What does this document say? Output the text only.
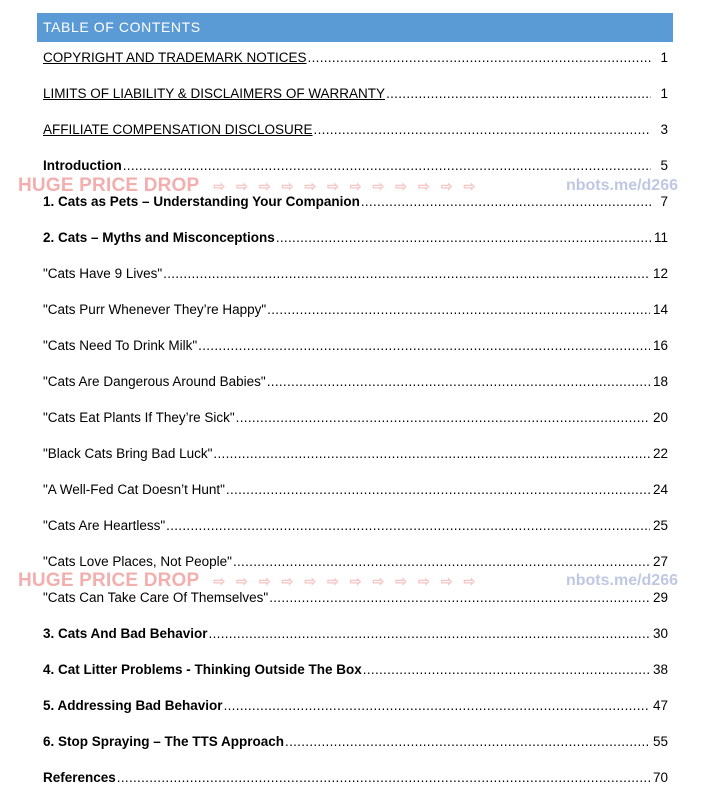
TABLE OF CONTENTS
COPYRIGHT AND TRADEMARK NOTICES .....	1
LIMITS OF LIABILITY & DISCLAIMERS OF WARRANTY .....	1
AFFILIATE COMPENSATION DISCLOSURE .....	3
Introduction .....	5
1. Cats as Pets – Understanding Your Companion .....	7
2. Cats – Myths and Misconceptions .....	11
"Cats Have 9 Lives" .....	12
"Cats Purr Whenever They’re Happy" .....	14
"Cats Need To Drink Milk" .....	16
"Cats Are Dangerous Around Babies" .....	18
"Cats Eat Plants If They’re Sick" .....	20
"Black Cats Bring Bad Luck" .....	22
"A Well-Fed Cat Doesn’t Hunt" .....	24
"Cats Are Heartless" .....	25
"Cats Love Places, Not People" .....	27
"Cats Can Take Care Of Themselves" .....	29
3. Cats And Bad Behavior .....	30
4. Cat Litter Problems - Thinking Outside The Box .....	38
5. Addressing Bad Behavior .....	47
6. Stop Spraying – The TTS Approach .....	55
References .....	70
HUGE PRICE DROP ⇨⇨⇨⇨⇨⇨⇨⇨⇨⇨⇨⇨	nbots.me/d266
HUGE PRICE DROP ⇨⇨⇨⇨⇨⇨⇨⇨⇨⇨⇨⇨	nbots.me/d266
